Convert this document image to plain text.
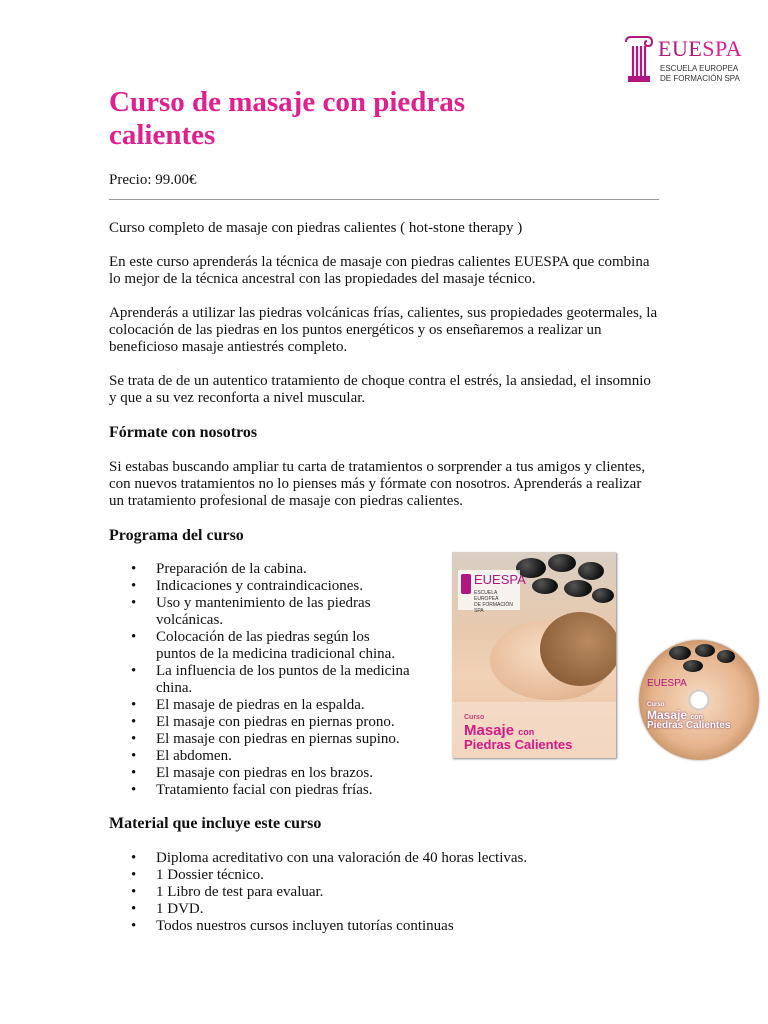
EUESPA
ESCUELA EUROPEA
DE FORMACIÓN SPA
Curso de masaje con piedras calientes
Precio: 99.00€

Curso completo de masaje con piedras calientes ( hot-stone therapy )

En este curso aprenderás la técnica de masaje con piedras calientes EUESPA que combina lo mejor de la técnica ancestral con las propiedades del masaje técnico.

Aprenderás a utilizar las piedras volcánicas frías, calientes, sus propiedades geotermales, la colocación de las piedras en los puntos energéticos y os enseñaremos a realizar un beneficioso masaje antiestrés completo.

Se trata de de un autentico tratamiento de choque contra el estrés, la ansiedad, el insomnio y que a su vez reconforta a nivel muscular.

Fórmate con nosotros

Si estabas buscando ampliar tu carta de tratamientos o sorprender a tus amigos y clientes, con nuevos tratamientos no lo pienses más y fórmate con nosotros. Aprenderás a realizar un tratamiento profesional de masaje con piedras calientes.

Programa del curso
• Preparación de la cabina.
• Indicaciones y contraindicaciones.
• Uso y mantenimiento de las piedras volcánicas.
• Colocación de las piedras según los puntos de la medicina tradicional china.
• La influencia de los puntos de la medicina china.
• El masaje de piedras en la espalda.
• El masaje con piedras en piernas prono.
• El masaje con piedras en piernas supino.
• El abdomen.
• El masaje con piedras en los brazos.
• Tratamiento facial con piedras frías.
EUESPA
ESCUELA EUROPEA
DE FORMACIÓN SPA
Curso
Masaje con
Piedras Calientes
EUESPA
Curso
Masaje con
Piedras Calientes
Material que incluye este curso
• Diploma acreditativo con una valoración de 40 horas lectivas.
• 1 Dossier técnico.
• 1 Libro de test para evaluar.
• 1 DVD.
• Todos nuestros cursos incluyen tutorías continuas
